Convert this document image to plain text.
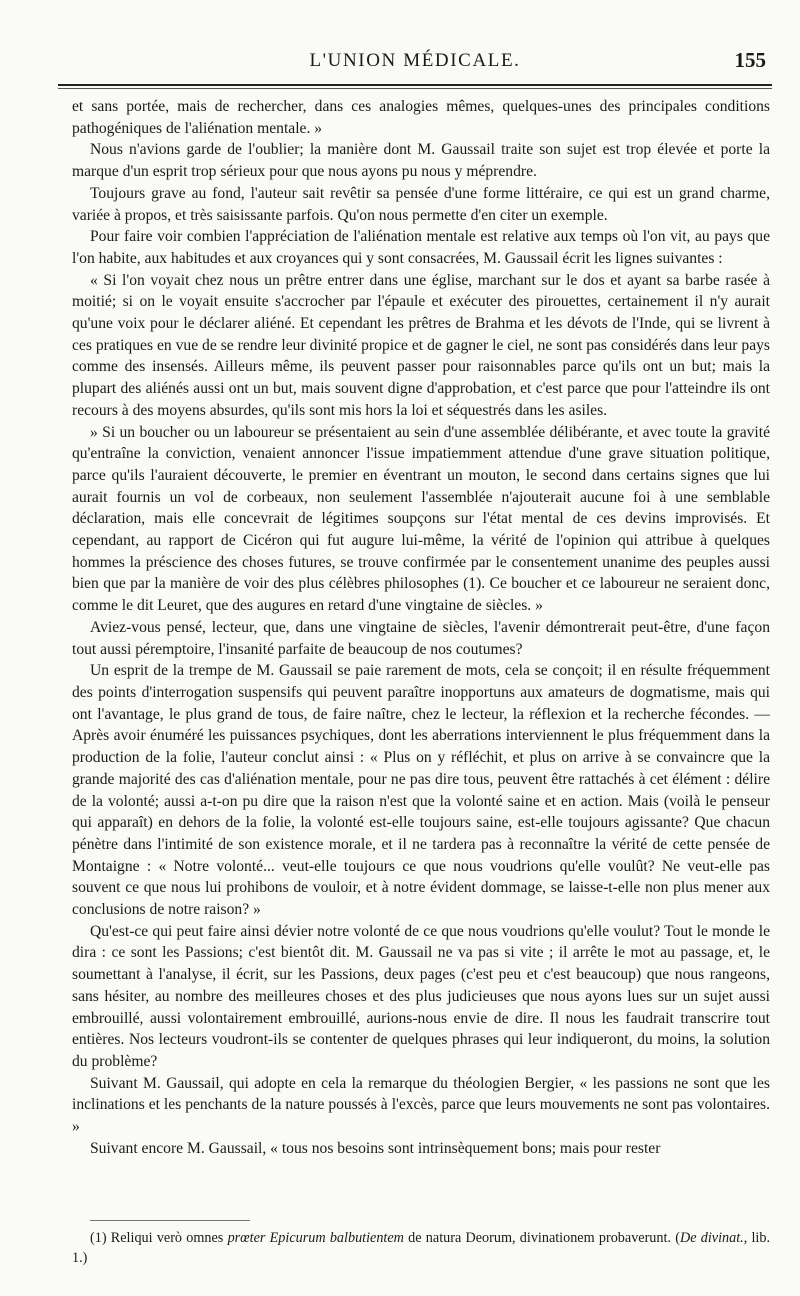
L'UNION MÉDICALE.	155

et sans portée, mais de rechercher, dans ces analogies mêmes, quelques-unes des principales conditions pathogéniques de l'aliénation mentale. »

Nous n'avions garde de l'oublier; la manière dont M. Gaussail traite son sujet est trop élevée et porte la marque d'un esprit trop sérieux pour que nous ayons pu nous y méprendre.

Toujours grave au fond, l'auteur sait revêtir sa pensée d'une forme littéraire, ce qui est un grand charme, variée à propos, et très saisissante parfois. Qu'on nous permette d'en citer un exemple.

Pour faire voir combien l'appréciation de l'aliénation mentale est relative aux temps où l'on vit, au pays que l'on habite, aux habitudes et aux croyances qui y sont consacrées, M. Gaussail écrit les lignes suivantes :

« Si l'on voyait chez nous un prêtre entrer dans une église, marchant sur le dos et ayant sa barbe rasée à moitié; si on le voyait ensuite s'accrocher par l'épaule et exécuter des pirouettes, certainement il n'y aurait qu'une voix pour le déclarer aliéné. Et cependant les prêtres de Brahma et les dévots de l'Inde, qui se livrent à ces pratiques en vue de se rendre leur divinité propice et de gagner le ciel, ne sont pas considérés dans leur pays comme des insensés. Ailleurs même, ils peuvent passer pour raisonnables parce qu'ils ont un but; mais la plupart des aliénés aussi ont un but, mais souvent digne d'approbation, et c'est parce que pour l'atteindre ils ont recours à des moyens absurdes, qu'ils sont mis hors la loi et séquestrés dans les asiles.

» Si un boucher ou un laboureur se présentaient au sein d'une assemblée délibérante, et avec toute la gravité qu'entraîne la conviction, venaient annoncer l'issue impatiemment attendue d'une grave situation politique, parce qu'ils l'auraient découverte, le premier en éventrant un mouton, le second dans certains signes que lui aurait fournis un vol de corbeaux, non seulement l'assemblée n'ajouterait aucune foi à une semblable déclaration, mais elle concevrait de légitimes soupçons sur l'état mental de ces devins improvisés. Et cependant, au rapport de Cicéron qui fut augure lui-même, la vérité de l'opinion qui attribue à quelques hommes la préscience des choses futures, se trouve confirmée par le consentement unanime des peuples aussi bien que par la manière de voir des plus célèbres philosophes (1). Ce boucher et ce laboureur ne seraient donc, comme le dit Leuret, que des augures en retard d'une vingtaine de siècles. »

Aviez-vous pensé, lecteur, que, dans une vingtaine de siècles, l'avenir démontrerait peut-être, d'une façon tout aussi péremptoire, l'insanité parfaite de beaucoup de nos coutumes?

Un esprit de la trempe de M. Gaussail se paie rarement de mots, cela se conçoit; il en résulte fréquemment des points d'interrogation suspensifs qui peuvent paraître inopportuns aux amateurs de dogmatisme, mais qui ont l'avantage, le plus grand de tous, de faire naître, chez le lecteur, la réflexion et la recherche fécondes. — Après avoir énuméré les puissances psychiques, dont les aberrations interviennent le plus fréquemment dans la production de la folie, l'auteur conclut ainsi : « Plus on y réfléchit, et plus on arrive à se convaincre que la grande majorité des cas d'aliénation mentale, pour ne pas dire tous, peuvent être rattachés à cet élément : délire de la volonté; aussi a-t-on pu dire que la raison n'est que la volonté saine et en action. Mais (voilà le penseur qui apparaît) en dehors de la folie, la volonté est-elle toujours saine, est-elle toujours agissante? Que chacun pénètre dans l'intimité de son existence morale, et il ne tardera pas à reconnaître la vérité de cette pensée de Montaigne : « Notre volonté... veut-elle toujours ce que nous voudrions qu'elle voulût? Ne veut-elle pas souvent ce que nous lui prohibons de vouloir, et à notre évident dommage, se laisse-t-elle non plus mener aux conclusions de notre raison? »

Qu'est-ce qui peut faire ainsi dévier notre volonté de ce que nous voudrions qu'elle voulut? Tout le monde le dira : ce sont les Passions; c'est bientôt dit. M. Gaussail ne va pas si vite ; il arrête le mot au passage, et, le soumettant à l'analyse, il écrit, sur les Passions, deux pages (c'est peu et c'est beaucoup) que nous rangeons, sans hésiter, au nombre des meilleures choses et des plus judicieuses que nous ayons lues sur un sujet aussi embrouillé, aussi volontairement embrouillé, aurions-nous envie de dire. Il nous les faudrait transcrire tout entières. Nos lecteurs voudront-ils se contenter de quelques phrases qui leur indiqueront, du moins, la solution du problème?

Suivant M. Gaussail, qui adopte en cela la remarque du théologien Bergier, « les passions ne sont que les inclinations et les penchants de la nature poussés à l'excès, parce que leurs mouvements ne sont pas volontaires. »

Suivant encore M. Gaussail, « tous nos besoins sont intrinsèquement bons; mais pour rester

(1) Reliqui verò omnes prœter Epicurum balbutientem de natura Deorum, divinationem probaverunt. (De divinat., lib. 1.)
